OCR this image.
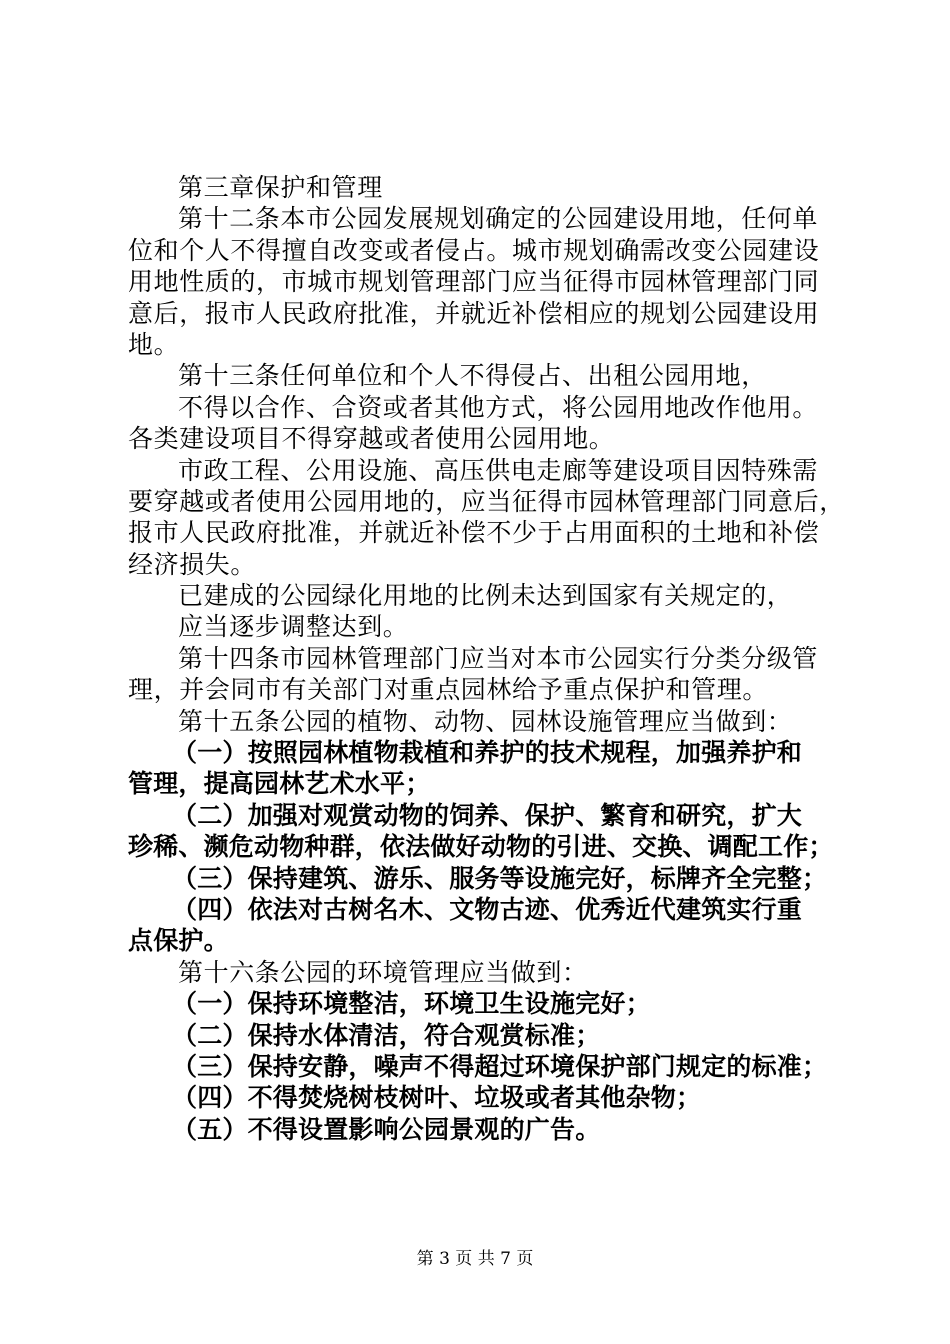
第三章保护和管理
第十二条本市公园发展规划确定的公园建设用地，任何单
位和个人不得擅自改变或者侵占。城市规划确需改变公园建设
用地性质的，市城市规划管理部门应当征得市园林管理部门同
意后，报市人民政府批准，并就近补偿相应的规划公园建设用
地。
第十三条任何单位和个人不得侵占、出租公园用地，
不得以合作、合资或者其他方式，将公园用地改作他用。
各类建设项目不得穿越或者使用公园用地。
市政工程、公用设施、高压供电走廊等建设项目因特殊需
要穿越或者使用公园用地的，应当征得市园林管理部门同意后，
报市人民政府批准，并就近补偿不少于占用面积的土地和补偿
经济损失。
已建成的公园绿化用地的比例未达到国家有关规定的，
应当逐步调整达到。
第十四条市园林管理部门应当对本市公园实行分类分级管
理，并会同市有关部门对重点园林给予重点保护和管理。
第十五条公园的植物、动物、园林设施管理应当做到：
（一）按照园林植物栽植和养护的技术规程，加强养护和
管理，提高园林艺术水平；
（二）加强对观赏动物的饲养、保护、繁育和研究，扩大
珍稀、濒危动物种群，依法做好动物的引进、交换、调配工作；
（三）保持建筑、游乐、服务等设施完好，标牌齐全完整；
（四）依法对古树名木、文物古迹、优秀近代建筑实行重
点保护。
第十六条公园的环境管理应当做到：
（一）保持环境整洁，环境卫生设施完好；
（二）保持水体清洁，符合观赏标准；
（三）保持安静，噪声不得超过环境保护部门规定的标准；
（四）不得焚烧树枝树叶、垃圾或者其他杂物；
（五）不得设置影响公园景观的广告。
第 3 页 共 7 页
